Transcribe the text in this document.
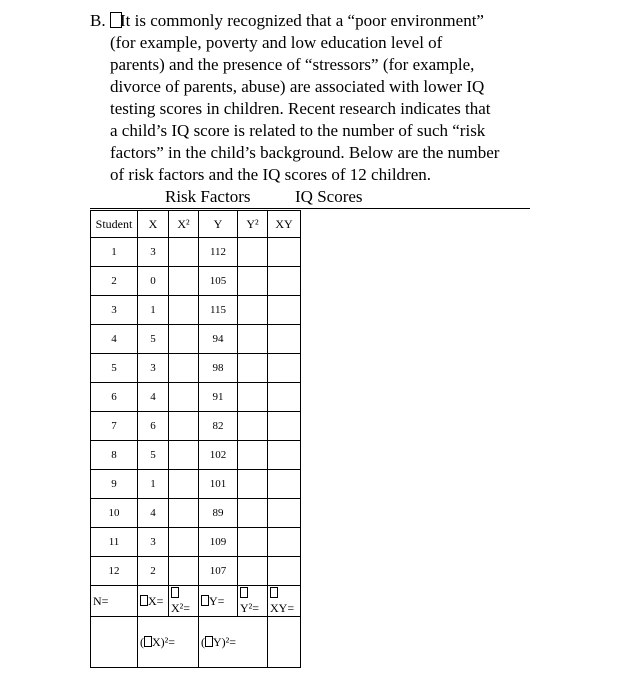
B. It is commonly recognized that a “poor environment”
(for example, poverty and low education level of
parents) and the presence of “stressors” (for example,
divorce of parents, abuse) are associated with lower IQ
testing scores in children. Recent research indicates that
a child’s IQ score is related to the number of such “risk
factors” in the child’s background. Below are the number
of risk factors and the IQ scores of 12 children.
Risk Factors	IQ Scores
Student	X	X²	Y	Y²	XY
1	3		112		
2	0		105		
3	1		115		
4	5		94		
5	3		98		
6	4		91		
7	6		82		
8	5		102		
9	1		101		
10	4		89		
11	3		109		
12	2		107		
N=	X=	X²=	Y=	Y²=	XY=
	( X)²=		( Y)²=		
